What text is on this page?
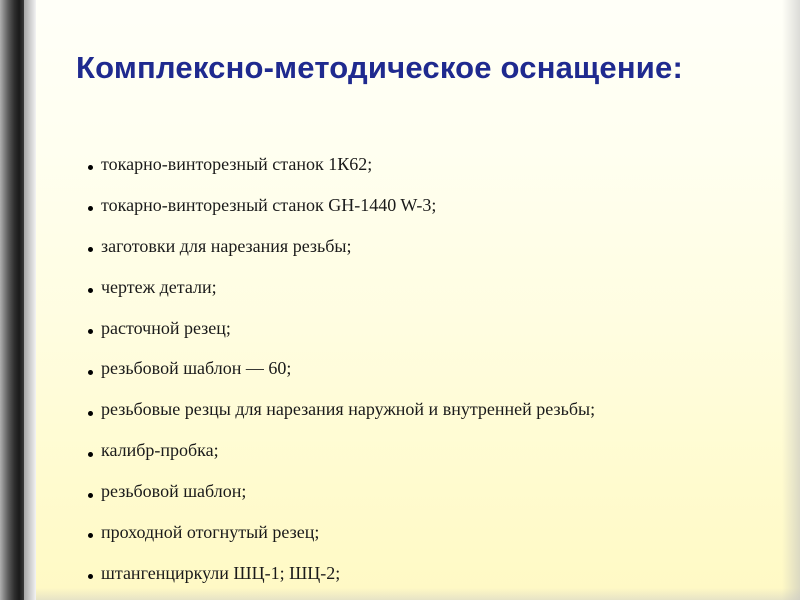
Комплексно-методическое оснащение:
токарно-винторезный станок 1К62;
токарно-винторезный станок GH-1440 W-3;
заготовки для нарезания резьбы;
чертеж детали;
расточной резец;
резьбовой шаблон — 60;
резьбовые резцы для нарезания наружной и внутренней резьбы;
калибр-пробка;
резьбовой шаблон;
проходной отогнутый резец;
штангенциркули ШЦ-1; ШЦ-2;
